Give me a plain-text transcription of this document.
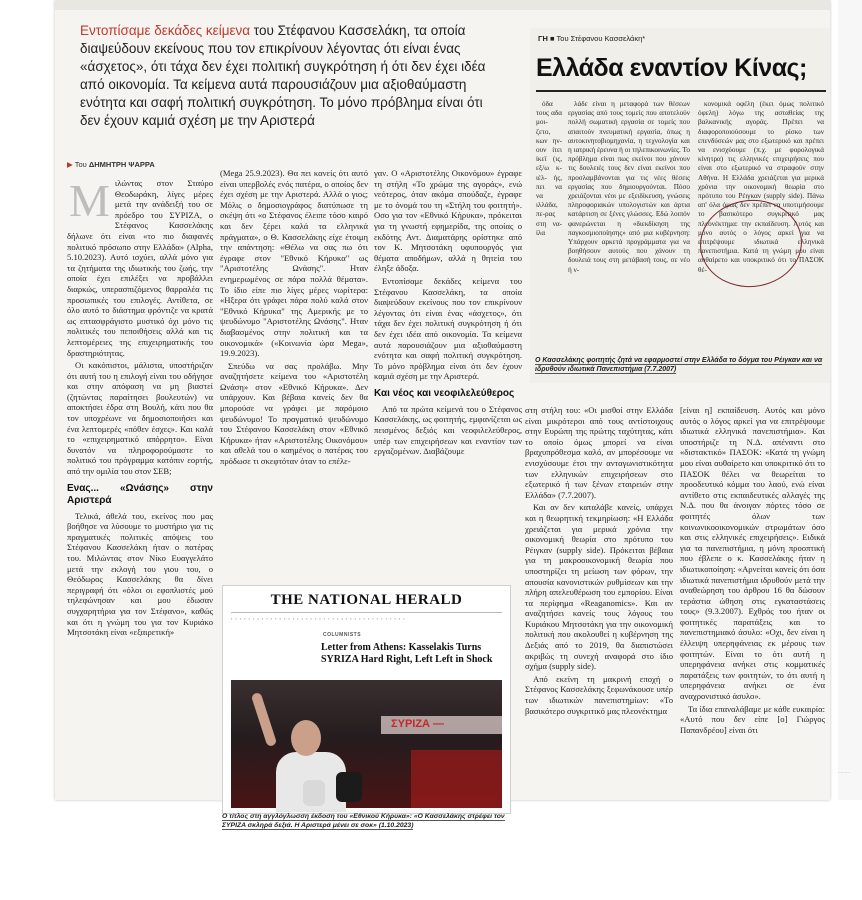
Εντοπίσαμε δεκάδες κείμενα του Στέφανου Κασσελάκη, τα οποία διαψεύδουν εκείνους που τον επικρίνουν λέγοντας ότι είναι ένας «άσχετος», ότι τάχα δεν έχει πολιτική συγκρότηση ή ότι δεν έχει ιδέα από οικονομία. Τα κείμενα αυτά παρουσιάζουν μια αξιοθαύμαστη ενότητα και σαφή πολιτική συγκρότηση. Το μόνο πρόβλημα είναι ότι δεν έχουν καμιά σχέση με την Αριστερά
▶ Του ΔΗΜΗΤΡΗ ΨΑΡΡΑ
Μ ιλώντας στον Σταύρο Θεοδωράκη, λίγες μέρες μετά την ανάδειξή του σε πρόεδρο του ΣΥΡΙΖΑ, ο Στέφανος Κασσελάκης δήλωνε ότι είναι «το πιο διαφανές πολιτικό πρόσωπο στην Ελλάδα» (Alpha, 5.10.2023). Αυτό ισχύει, αλλά μόνο για τα ζητήματα της ιδιωτικής του ζωής, την οποία έχει επιλέξει να προβάλλει διαρκώς, υπερασπιζόμενος θαρραλέα τις προσωπικές του επιλογές. Αντίθετα, σε όλο αυτό το διάστημα φρόντιζε να κρατά ως επτασφράγιστο μυστικό όχι μόνο τις πολιτικές του πεποιθήσεις αλλά και τις λεπτομέρειες της επιχειρηματικής του δραστηριότητας.

Οι κακόπιστοι, μάλιστα, υποστήριζαν ότι αυτή του η επιλογή είναι του οδήγησε και στην απόφαση να μη βιαστεί (ζητώντας παραίτησει βουλευτών) να αποκτήσει έδρα στη Βουλή, κάτι που θα τον υποχρέωνε να δημοσιοποιήσει και ένα λεπτομερές «πόθεν έσχες». Και καλά το «επιχειρηματικό απόρρητο». Είναι δυνατόν να πληροφορούμαστε το πολιτικό του πρόγραμμα κατόπιν εορτής, από την ομιλία του στον ΣΕΒ;

Ενας... «Ωνάσης» στην Αριστερά

Τελικά, άθελά του, εκείνος που μας βοήθησε να λύσουμε το μυστήριο για τις πραγματικές πολιτικές απόψεις του Στέφανου Κασσελάκη ήταν ο πατέρας του. Μιλώντας στον Νίκο Ευαγγελάτο μετά την εκλογή του γιου του, ο Θεόδωρος Κασσελάκης θα δίνει περιγραφή ότι «όλοι οι εφοπλιστές μού τηλεφώνησαν και μου έδωσαν συγχαρητήρια για τον Στέφανο», καθώς και ότι η γνώμη του για τον Κυριάκο Μητσοτάκη είναι «εξαιρετική»

(Mega 25.9.2023). Θα πει κανείς ότι αυτό είναι υπερβολές ενός πατέρα, ο οποίος δεν έχει σχέση με την Αριστερά. Αλλά ο γιος; Μόλις ο δημοσιογράφος διατύπωσε τη σκέψη ότι «ο Στέφανος έλειπε τόσο καιρό και δεν ξέρει καλά τα ελληνικά πράγματα», ο Θ. Κασσελάκης είχε έτοιμη την απάντηση: «Θέλω να σας πω ότι έγραφε στον "Εθνικό Κήρυκα" ως "Αριστοτέλης Ωνάσης". Ηταν ενημερωμένος σε πάρα πολλά θέματα». Το ίδιο είπε πιο λίγες μέρες νωρίτερα: «Ηξερα ότι γράφει πάρα πολύ καλά στον "Εθνικό Κήρυκα" της Αμερικής με το ψευδώνυμο "Αριστοτέλης Ωνάσης". Ηταν διαβασμένος στην πολιτική και τα οικονομικά» («Κοινωνία ώρα Mega», 19.9.2023).

Σπεύδω να σας προλάβω. Μην αναζητήσετε κείμενα του «Αριστοτέλη Ωνάση» στον «Εθνικό Κήρυκα». Δεν υπάρχουν. Και βέβαια κανείς δεν θα μπορούσε να γράφει με παρόμοιο ψευδώνυμο! Το πραγματικό ψευδώνυμο του Στέφανου Κασσελάκη στον «Εθνικό Κήρυκα» ήταν «Αριστοτέλης Οικονόμου» και αθελά του ο καημένος ο πατέρας του πρόδωσε τι σκεφτόταν όταν το επέλε-

γαν. Ο «Αριστοτέλης Οικονόμου» έγραφε τη στήλη «Το χρώμα της αγοράς», ενώ νεότερος, όταν ακόμα σπούδαζε, έγραφε με το όνομά του τη «Στήλη του φοιτητή». Οσο για τον «Εθνικό Κήρυκα», πρόκειται για τη γνωστή εφημερίδα, της οποίας ο εκδότης Αντ. Διαματάρης ορίστηκε από τον Κ. Μητσοτάκη υφυπουργός για θέματα αποδήμων, αλλά η θητεία του έληξε άδοξα.

Εντοπίσαμε δεκάδες κείμενα του Στέφανου Κασσελάκη, τα οποία διαψεύδουν εκείνους που τον επικρίνουν λέγοντας ότι είναι ένας «άσχετος», ότι τάχα δεν έχει πολιτική συγκρότηση ή ότι δεν έχει ιδέα από οικονομία. Τα κείμενα αυτά παρουσιάζουν μια αξιοθαύμαστη ενότητα και σαφή πολιτική συγκρότηση. Το μόνο πρόβλημα είναι ότι δεν έχουν καμιά σχέση με την Αριστερά.

Και νέος και νεοφιλελεύθερος

Από τα πρώτα κείμενά του ο Στέφανος Κασσελάκης, ως φοιτητής, εμφανίζεται ως πεισμένος δεξιός και νεοφιλελεύθερος, υπέρ των επιχειρήσεων και εναντίον των εργαζομένων. Διαβάζουμε

στη στήλη του: «Οι μισθοί στην Ελλάδα είναι μικρότεροι από τους αντίστοιχους στην Ευρώπη της πρώτης ταχύτητας, κάτι το οποίο όμως μπορεί να είναι βραχυπρόθεσμα καλό, αν μπορέσουμε να ενισχύσουμε έτσι την ανταγωνιστικότητα των ελληνικών επιχειρήσεων στο εξωτερικό ή των ξένων εταιρειών στην Ελλάδα» (7.7.2007).

Και αν δεν καταλάβε κανείς, υπάρχει και η θεωρητική τεκμηρίωση: «Η Ελλάδα χρειάζεται για μερικά χρόνια την οικονομική θεωρία στο πρότυπο του Ρέιγκαν (supply side). Πρόκειται βέβαια για τη μακροοικονομική θεωρία που υποστηρίζει τη μείωση των φόρων, την απουσία κανονιστικών ρυθμίσεων και την πλήρη απελευθέρωση του εμπορίου. Είναι τα περίφημα «Reaganomics». Και αν αναζητήσει κανείς τους λόγους του Κυριάκου Μητσοτάκη για την οικονομική πολιτική που ακολουθεί η κυβέρνηση της Δεξιάς από το 2019, θα διαπιστώσει ακριβώς τη συνεχή αναφορά στο ίδιο σχήμα (supply side).

Από εκείνη τη μακρινή εποχή ο Στέφανος Κασσελάκης ξεφωνάκουσε υπέρ των ιδιωτικών πανεπιστημίων: «Το βασικότερο συγκριτικό μας πλεονέκτημα

[είναι η] εκπαίδευση. Αυτός και μόνο αυτός ο λόγος αρκεί για να επιτρέψουμε ιδιωτικά ελληνικά πανεπιστήμια». Και υποστήριζε τη Ν.Δ. απέναντι στο «διστακτικό» ΠΑΣΟΚ: «Κατά τη γνώμη μου είναι αυθαίρετο και υποκριτικό ότι το ΠΑΣΟΚ θέλει να θεωρείται το προοδευτικό κόμμα του λαού, ενώ είναι αντίθετο στις εκπαιδευτικές αλλαγές της Ν.Δ. που θα άνοιγαν πόρτες τόσο σε φοιτητές όλων των κοινωνικοοικονομικών στρωμάτων όσο και στις ελληνικές επιχειρήσεις». Ειδικά για τα πανεπιστήμια, η μόνη προοπτική που έβλεπε ο κ. Κασσελάκης ήταν η ιδιωτικοποίηση: «Αρνείται κανείς ότι όσα ιδιωτικά πανεπιστήμια ιδρυθούν μετά την αναθεώρηση του άρθρου 16 θα δώσουν τεράστια ώθηση στις εγκαταστάσεις τους» (9.3.2007). Εχθρός του ήταν οι φοιτητικές παρατάξεις και το πανεπιστημιακό άσυλο: «Οχι, δεν είναι η έλλειψη υπερηφάνειας εκ μέρους των φοιτητών. Είναι το ότι αυτή η υπερηφάνεια ανήκει στις κομματικές παρατάξεις των φοιτητών, το ότι αυτή η υπερηφάνεια ανήκει σε ένα αναχρονιστικό άσυλο».

Τα ίδια επαναλάβαμε με κάθε ευκαιρία: «Αυτό που δεν είπε [ο] Γιώργος Παπανδρέου] είναι ότι

ΓΗ ■ Του Στέφανου Κασσελάκη*
Ελλάδα εναντίον Κίνας;

όδα τους αδα μοι-ζετο, κων ην-ουν ίτει ίκεϊ (ις, εξ/ω κ- ιέλ- ής, πει να να ιλλάδα, πε-ρας στη να- ίλα

λάδε είναι η μεταφορά των θέσεων εργασίας από τους τομείς που αποτελούν πολλή σωματική εργασία σε τομείς που απαιτούν πνευματική εργασία, όπως η αυτοκινητοβιομηχανία, η τεχνολογία και η ιατρική έρευνα ή οι τηλεπικοινωνίες. Το πρόβλημα είναι πως εκείνοι που χάνουν τις δουλειές τους δεν είναι εκείνοι που προσλαμβάνονται για τις νέες θέσεις εργασίας που δημιουργούνται. Πόσο χρειάζονται νέοι με εξειδίκευση, γνώσεις πληροφοριακών υπολογιστών και άρτια κατάρτιση σε ξένες γλώσσες. Εδώ λοιπόν φανερώνεται η «διεκδίκηση της παγκοσμιοποίησης» από μια κυβέρνηση: Υπάρχουν αρκετά προγράμματα για να βοηθήσουν αυτούς που χάνουν τη δουλειά τους στη μετάβασή τους, σε νέο ή ν-

κονομικά οφέλη (έκει όμως πολιτικό όφελη) λόγω της ασταθείας της βαλκανικής αγοράς. Πρέπει να διαφοροποιούσουμε το ρίσκο των επενδύσεών μας στο εξωτερικό και πρέπει να ενισχύουμε (π.χ. με φορολογικά κίνητρα) τις ελληνικές επιχειρήσεις που είναι στο εξωτερικό να στραφούν στην Αθήνα. Η Ελλάδα χρειάζεται για μερικά χρόνια την οικονομική θεωρία στο πρότυπο του Ρέιγκαν (supply side). Πάνω απ' όλα όμως δεν πρέπει να υποτιμήσουμε το βασικότερο συγκριτικό μας πλεονέκτημα: την εκπαίδευση. Αυτός και μόνο αυτός ο λόγος αρκεί για να επιτρέψουμε ιδιωτικά ελληνικά πανεπιστήμια. Κατά τη γνώμη μου είναι αυθαίρετο και υποκριτικό ότι το ΠΑΣΟΚ θέ-

Ο Κασσελάκης φοιτητής ζητά να εφαρμοστεί στην Ελλάδα το δόγμα του Ρέιγκαν και να ιδρυθούν ιδιωτικά Πανεπιστήμια (7.7.2007)
THE NATIONAL HERALD
▪▪▪▪▪▪▪▪▪▪▪▪▪▪▪▪▪▪▪▪▪▪▪▪▪▪▪▪▪▪▪▪▪▪▪▪▪▪▪▪
COLUMNISTS
Letter from Athens: Kasselakis Turns SYRIZA Hard Right, Left Left in Shock
ΣΥΡΙΖΑ —
Ο τίτλος στη αγγλόγλωσση έκδοση του «Εθνικού Κήρυκα»: «Ο Κασσελάκης στρέφει τον ΣΥΡΙΖΑ σκληρά δεξιά. Η Αριστερά μένει σε σοκ» (1.10.2023)
·········
